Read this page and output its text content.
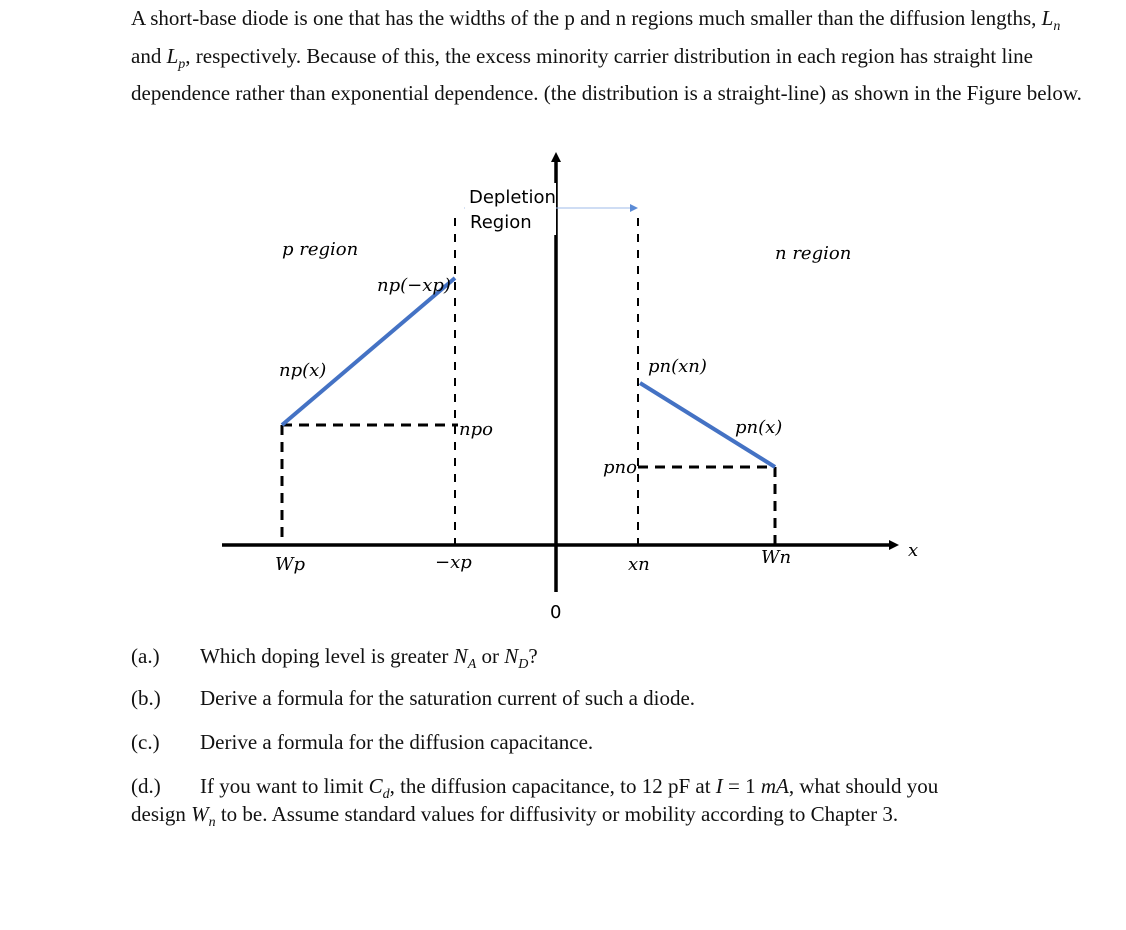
A short-base diode is one that has the widths of the p and n regions much smaller than the diffusion lengths, $L_n$ and $L_p$, respectively. Because of this, the excess minority carrier distribution in each region has straight line dependence rather than exponential dependence. (the distribution is a straight-line) as shown in the Figure below.

Depletion
Region
p region	n region
np(−xp)
np(x)	pn(xn)
pn(x)
npo
pno
Wp	−xp	xn	Wn	x
0
(a.) Which doping level is greater $N_A$ or $N_D$?
(b.) Derive a formula for the saturation current of such a diode.
(c.) Derive a formula for the diffusion capacitance.
(d.) If you want to limit $C_d$, the diffusion capacitance, to 12 pF at I = 1 mA, what should you
design $W_n$ to be. Assume standard values for diffusivity or mobility according to Chapter 3.
